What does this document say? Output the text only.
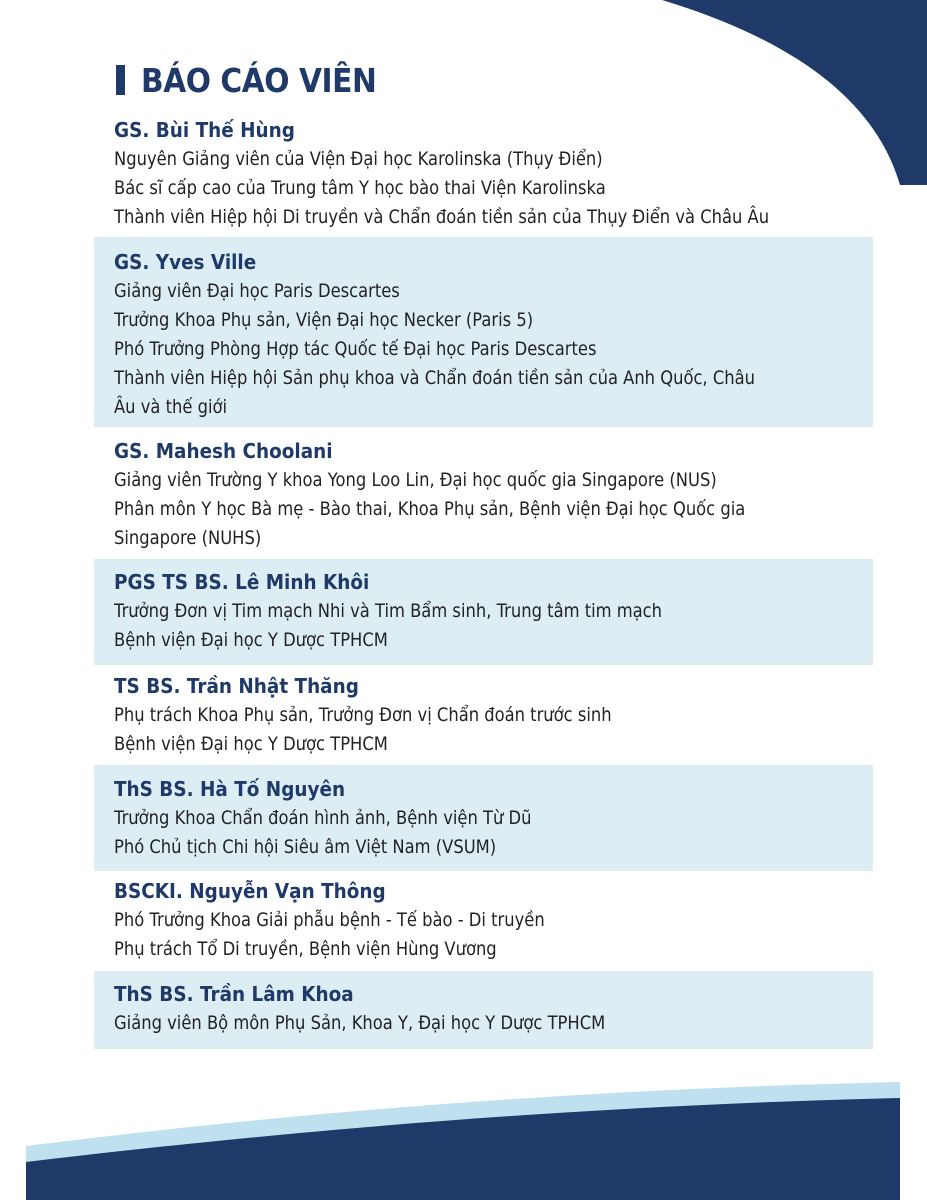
BÁO CÁO VIÊN
GS. Bùi Thế Hùng
Nguyên Giảng viên của Viện Đại học Karolinska (Thụy Điển)
Bác sĩ cấp cao của Trung tâm Y học bào thai Viện Karolinska
Thành viên Hiệp hội Di truyền và Chẩn đoán tiền sản của Thụy Điển và Châu Âu
GS. Yves Ville
Giảng viên Đại học Paris Descartes
Trưởng Khoa Phụ sản, Viện Đại học Necker (Paris 5)
Phó Trưởng Phòng Hợp tác Quốc tế Đại học Paris Descartes
Thành viên Hiệp hội Sản phụ khoa và Chẩn đoán tiền sản của Anh Quốc, Châu
Âu và thế giới
GS. Mahesh Choolani
Giảng viên Trường Y khoa Yong Loo Lin, Đại học quốc gia Singapore (NUS)
Phân môn Y học Bà mẹ - Bào thai, Khoa Phụ sản, Bệnh viện Đại học Quốc gia
Singapore (NUHS)
PGS TS BS. Lê Minh Khôi
Trưởng Đơn vị Tim mạch Nhi và Tim Bẩm sinh, Trung tâm tim mạch
Bệnh viện Đại học Y Dược TPHCM
TS BS. Trần Nhật Thăng
Phụ trách Khoa Phụ sản, Trưởng Đơn vị Chẩn đoán trước sinh
Bệnh viện Đại học Y Dược TPHCM
ThS BS. Hà Tố Nguyên
Trưởng Khoa Chẩn đoán hình ảnh, Bệnh viện Từ Dũ
Phó Chủ tịch Chi hội Siêu âm Việt Nam (VSUM)
BSCKI. Nguyễn Vạn Thông
Phó Trưởng Khoa Giải phẫu bệnh - Tế bào - Di truyền
Phụ trách Tổ Di truyền, Bệnh viện Hùng Vương
ThS BS. Trần Lâm Khoa
Giảng viên Bộ môn Phụ Sản, Khoa Y, Đại học Y Dược TPHCM
